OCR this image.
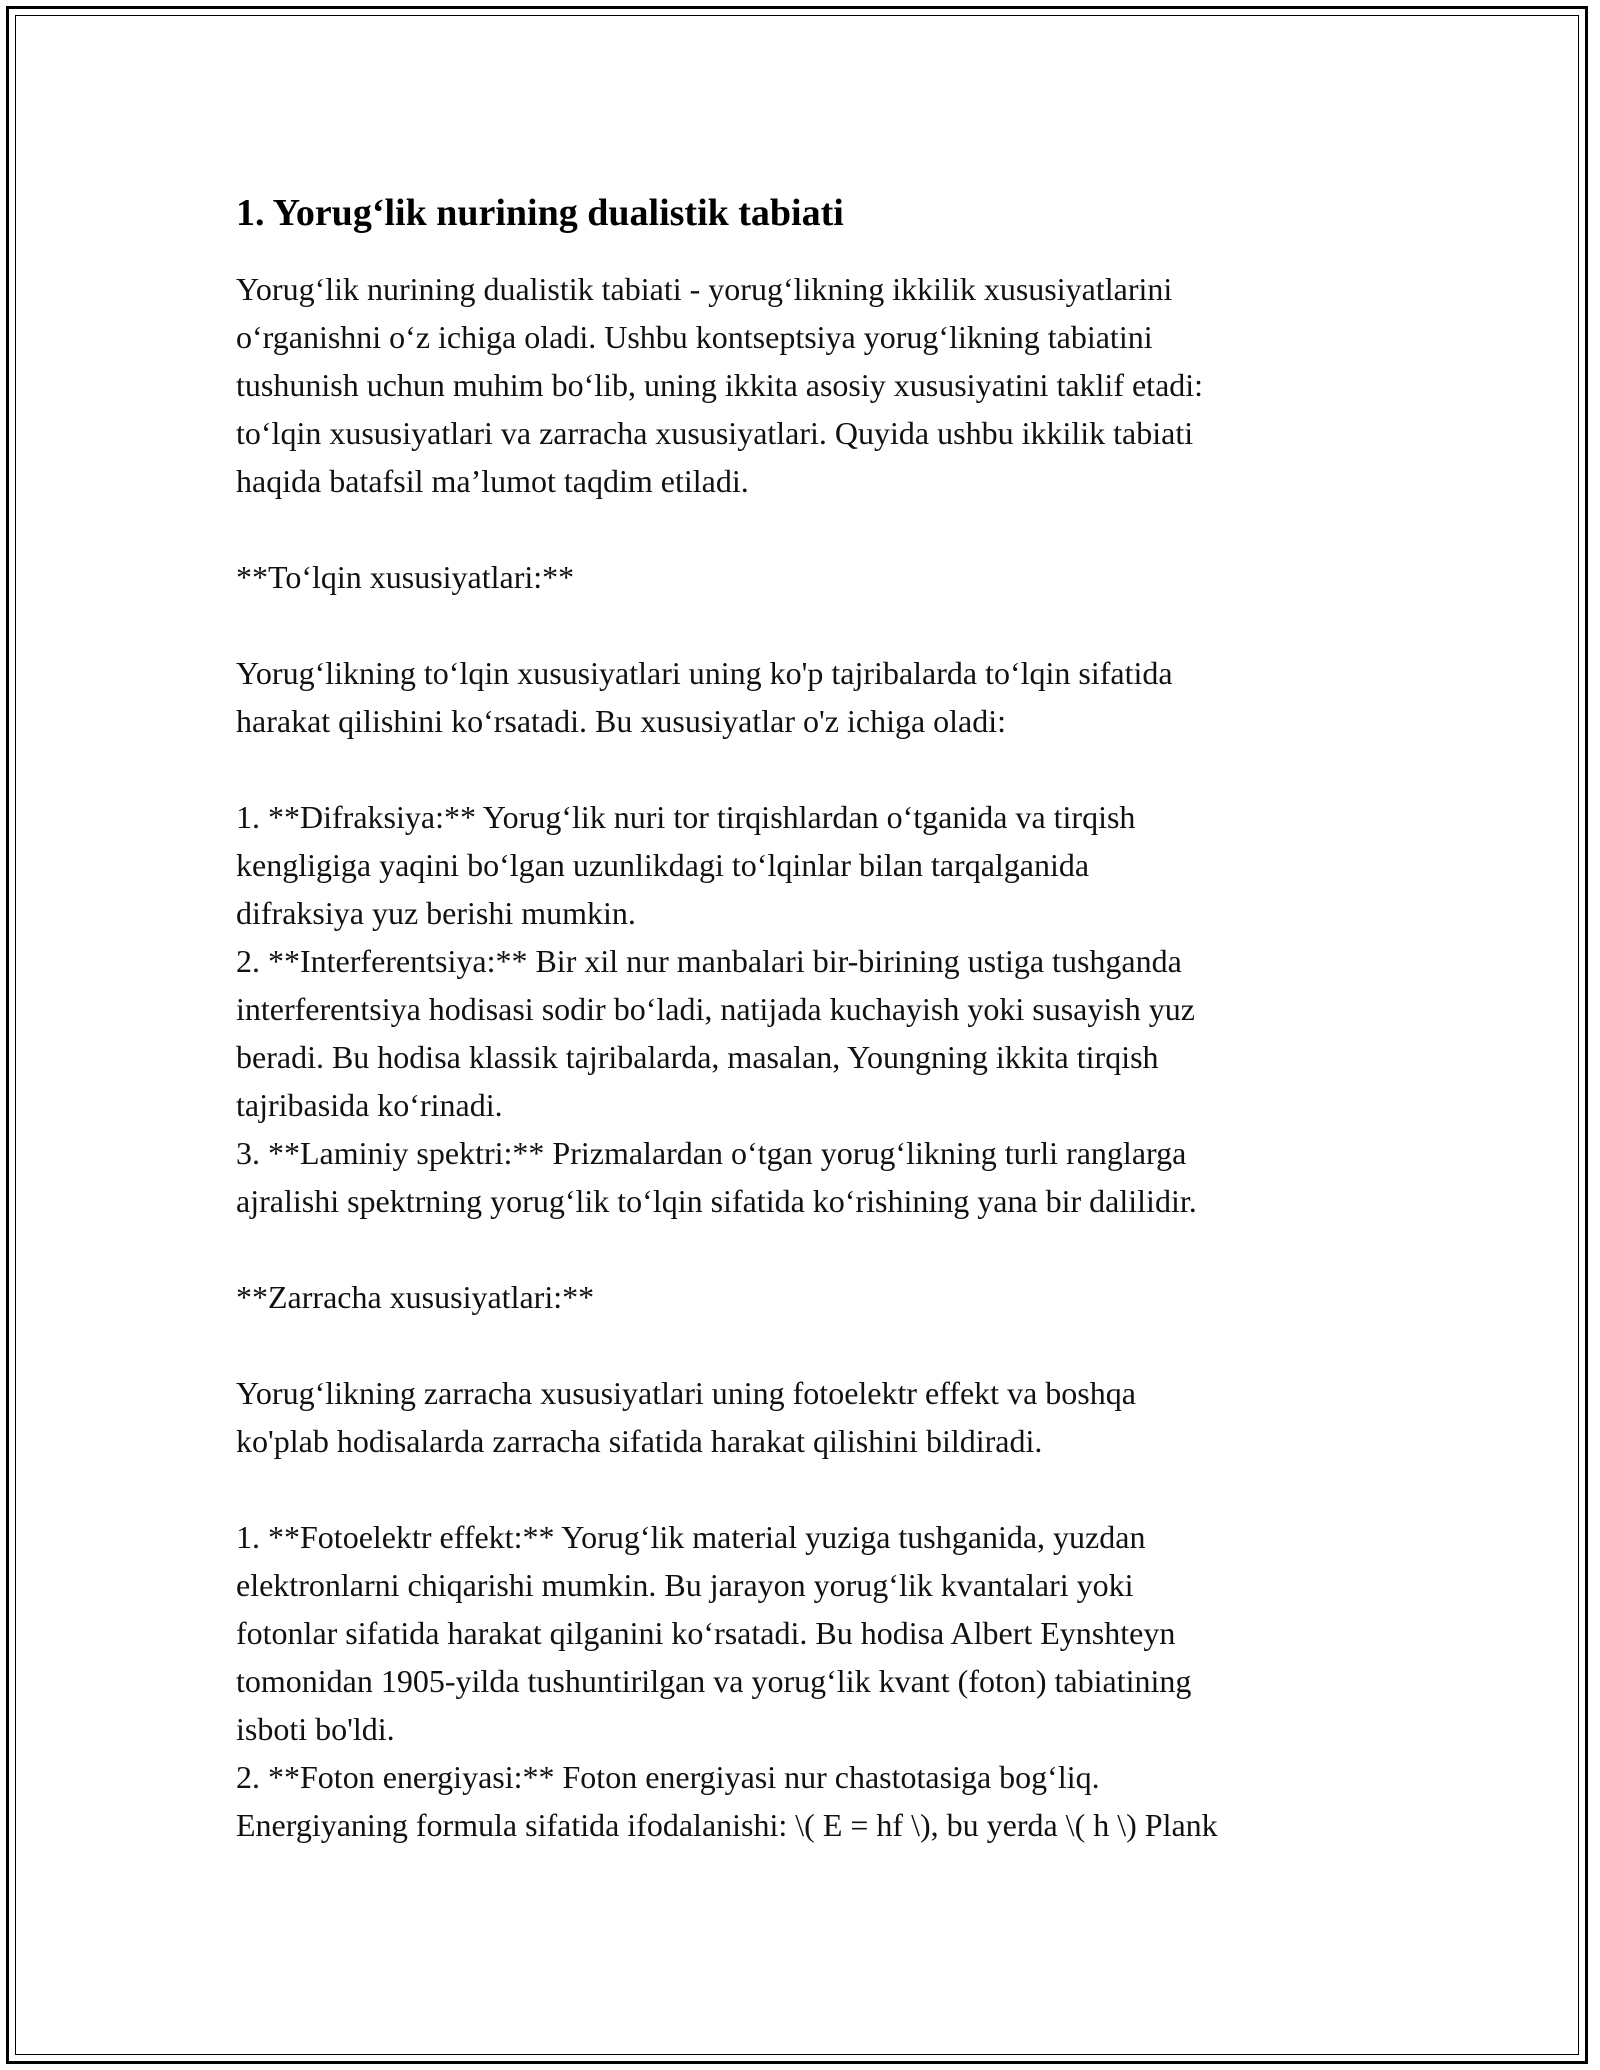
1. Yorug‘lik nurining dualistik tabiati

Yorug‘lik nurining dualistik tabiati - yorug‘likning ikkilik xususiyatlarini
o‘rganishni o‘z ichiga oladi. Ushbu kontseptsiya yorug‘likning tabiatini
tushunish uchun muhim bo‘lib, uning ikkita asosiy xususiyatini taklif etadi:
to‘lqin xususiyatlari va zarracha xususiyatlari. Quyida ushbu ikkilik tabiati
haqida batafsil ma’lumot taqdim etiladi.

**To‘lqin xususiyatlari:**

Yorug‘likning to‘lqin xususiyatlari uning ko'p tajribalarda to‘lqin sifatida
harakat qilishini ko‘rsatadi. Bu xususiyatlar o'z ichiga oladi:

1. **Difraksiya:** Yorug‘lik nuri tor tirqishlardan o‘tganida va tirqish
kengligiga yaqini bo‘lgan uzunlikdagi to‘lqinlar bilan tarqalganida
difraksiya yuz berishi mumkin.

2. **Interferentsiya:** Bir xil nur manbalari bir-birining ustiga tushganda
interferentsiya hodisasi sodir bo‘ladi, natijada kuchayish yoki susayish yuz
beradi. Bu hodisa klassik tajribalarda, masalan, Youngning ikkita tirqish
tajribasida ko‘rinadi.

3. **Laminiy spektri:** Prizmalardan o‘tgan yorug‘likning turli ranglarga
ajralishi spektrning yorug‘lik to‘lqin sifatida ko‘rishining yana bir dalilidir.

**Zarracha xususiyatlari:**

Yorug‘likning zarracha xususiyatlari uning fotoelektr effekt va boshqa
ko'plab hodisalarda zarracha sifatida harakat qilishini bildiradi.

1. **Fotoelektr effekt:** Yorug‘lik material yuziga tushganida, yuzdan
elektronlarni chiqarishi mumkin. Bu jarayon yorug‘lik kvantalari yoki
fotonlar sifatida harakat qilganini ko‘rsatadi. Bu hodisa Albert Eynshteyn
tomonidan 1905-yilda tushuntirilgan va yorug‘lik kvant (foton) tabiatining
isboti bo'ldi.

2. **Foton energiyasi:** Foton energiyasi nur chastotasiga bog‘liq.
Energiyaning formula sifatida ifodalanishi: \( E = hf \), bu yerda \( h \) Plank
